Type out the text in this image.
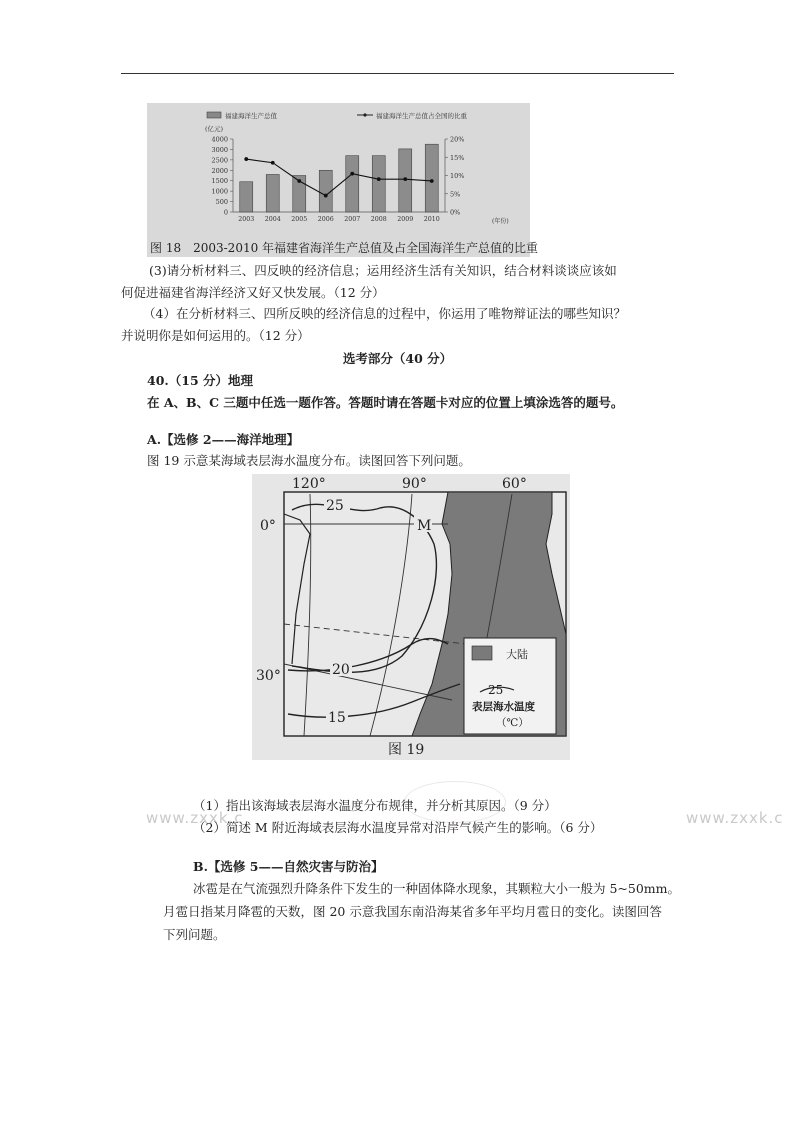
福建海洋生产总值	福建海洋生产总值占全国的比重
(亿元)
(年份)
4000
3000
2500
2000
1500
1000
500
0
20%
15%
10%
5%
0%
2003 2004 2005 2006 2007 2008 2009 2010
图 18　2003-2010 年福建省海洋生产总值及占全国海洋生产总值的比重
(3)请分析材料三、四反映的经济信息；运用经济生活有关知识，结合材料谈谈应该如
何促进福建省海洋经济又好又快发展。（12 分）
（4）在分析材料三、四所反映的经济信息的过程中，你运用了唯物辩证法的哪些知识？
并说明你是如何运用的。（12 分）
选考部分（40 分）
40.（15 分）地理
在 A、B、C 三题中任选一题作答。答题时请在答题卡对应的位置上填涂选答的题号。
A.【选修 2——海洋地理】
图 19 示意某海域表层海水温度分布。读图回答下列问题。
120°	90°	60°
0°
30°
25
20
15
M
大陆
25
表层海水温度
（℃）
图 19
www.zxxk.c	www.zxxk.c
（1）指出该海域表层海水温度分布规律，并分析其原因。（9 分）
（2）简述 M 附近海域表层海水温度异常对沿岸气候产生的影响。（6 分）
B.【选修 5——自然灾害与防治】
冰雹是在气流强烈升降条件下发生的一种固体降水现象，其颗粒大小一般为 5~50mm。
月雹日指某月降雹的天数，图 20 示意我国东南沿海某省多年平均月雹日的变化。读图回答
下列问题。
